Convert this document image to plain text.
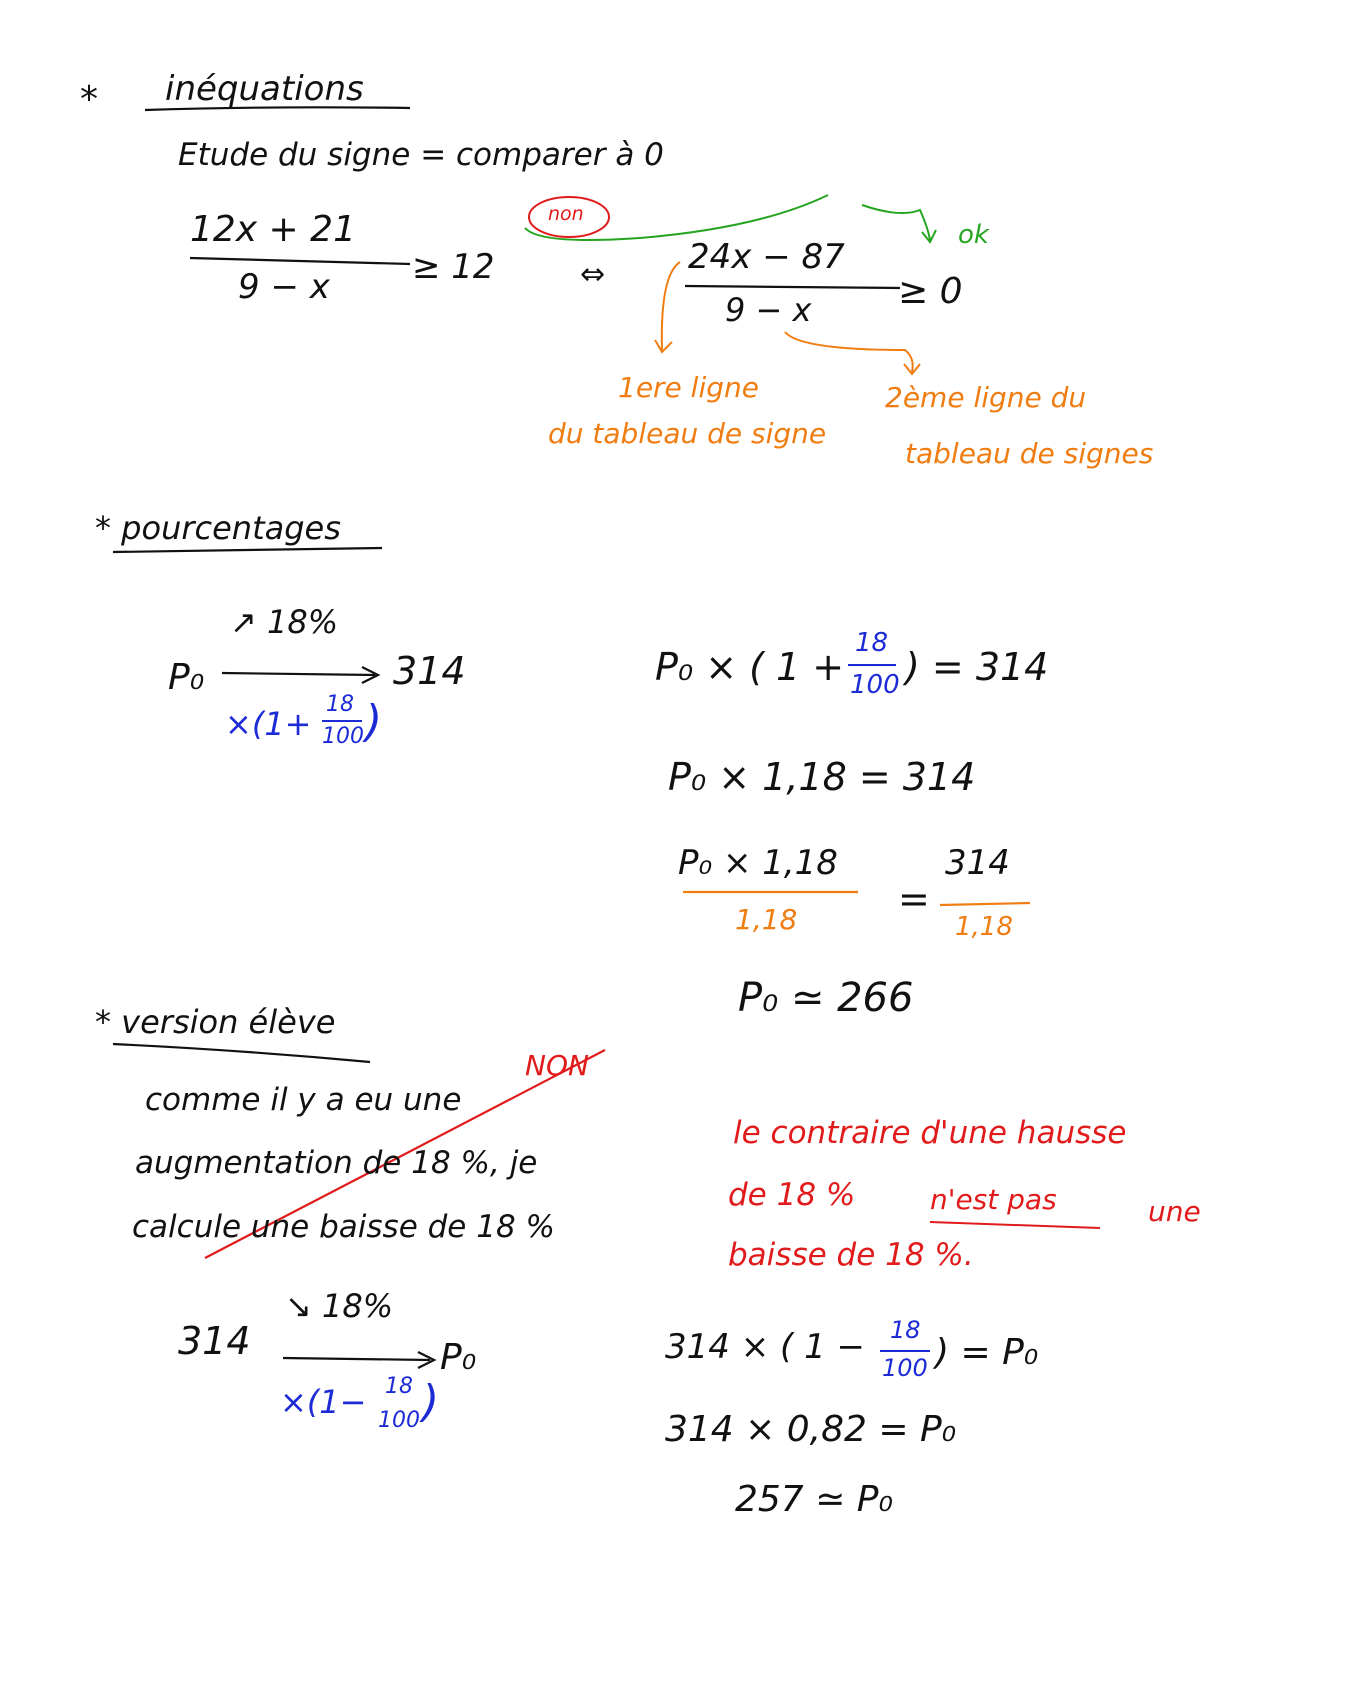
* inéquations
Etude du signe = comparer à 0
non
ok
12x + 21
9 − x ≥ 12	⇔ 24x − 87
9 − x ≥ 0
1ere ligne
du tableau de signe
2ème ligne du
tableau de signes
* pourcentages
↗ 18%
P₀	314
×(1+
18
100 )
P₀ × ( 1 +
18
100 ) = 314
P₀ × 1,18 = 314
P₀ × 1,18
1,18	=
314
1,18
P₀ ≃ 266
* version élève
comme il y a eu une
augmentation de 18 %, je
calcule une baisse de 18 %
NON
le contraire d'une hausse
de 18 %	n'est pas	une
baisse de 18 %.
314
↘ 18%
P₀
×(1− 18
100 )
314 × ( 1 − 18
100 ) = P₀
314 × 0,82 = P₀
257 ≃ P₀
